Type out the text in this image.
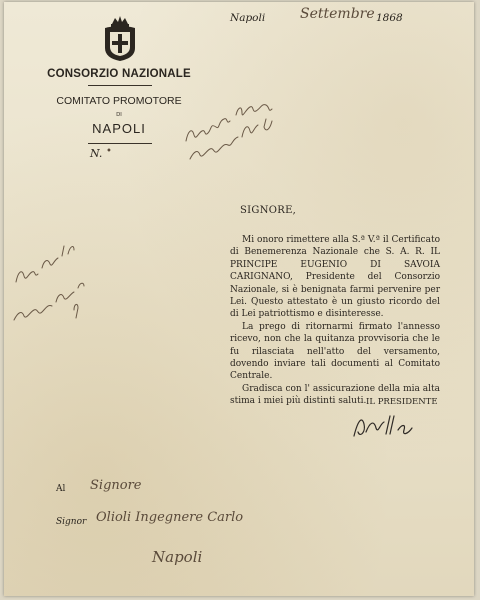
CONSORZIO NAZIONALE
COMITATO PROMOTORE
DI
NAPOLI
N. •
Napoli Settembre 1868
SIGNORE,

Mi onoro rimettere alla S.ª V.ª il Certificato di Benemerenza Nazionale che S. A. R. IL PRINCIPE EUGENIO DI SAVOIA CARIGNANO, Presidente del Consorzio Nazionale, si è benignata farmi pervenire per Lei. Questo attestato è un giusto ricordo del di Lei patriottismo e disinteresse.

La prego di ritornarmi firmato l'annesso ricevo, non che la quitanza provvisoria che le fu rilasciata nell'atto del versamento, dovendo inviare tali documenti al Comitato Centrale.

Gradisca con l' assicurazione della mia alta stima i miei più distinti saluti. IL PRESIDENTE
Al Signore
Signor Olioli Ingegnere Carlo
Napoli
